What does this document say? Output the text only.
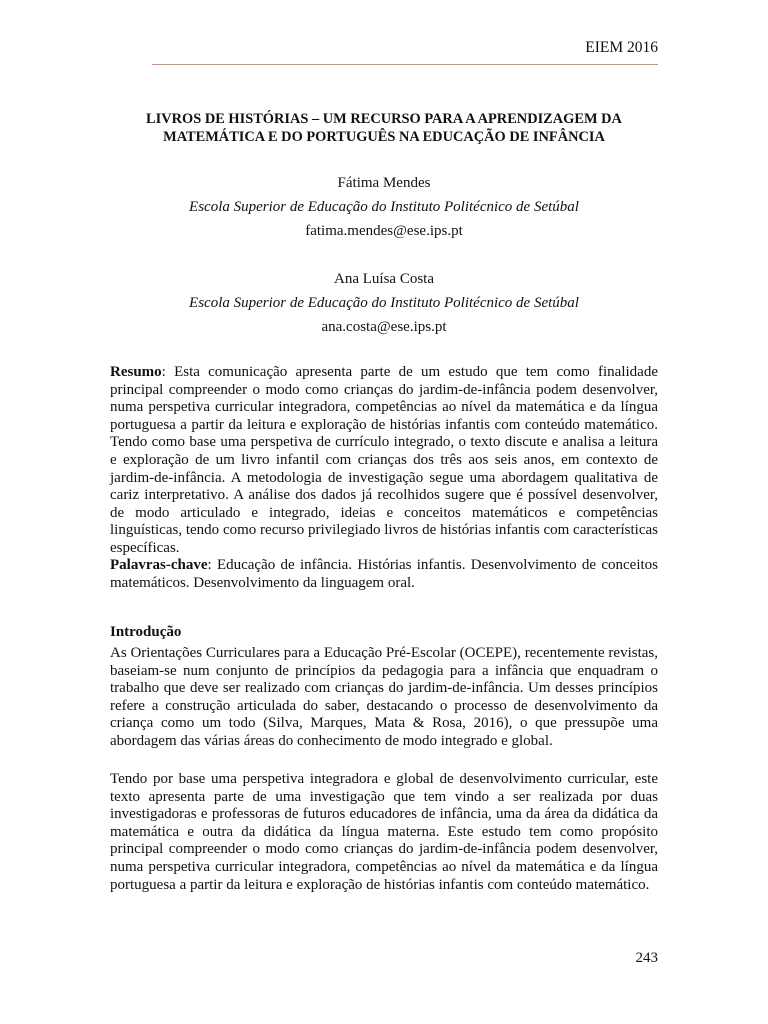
EIEM 2016
LIVROS DE HISTÓRIAS – UM RECURSO PARA A APRENDIZAGEM DA
MATEMÁTICA E DO PORTUGUÊS NA EDUCAÇÃO DE INFÂNCIA
Fátima Mendes
Escola Superior de Educação do Instituto Politécnico de Setúbal
fatima.mendes@ese.ips.pt
Ana Luísa Costa
Escola Superior de Educação do Instituto Politécnico de Setúbal
ana.costa@ese.ips.pt
Resumo: Esta comunicação apresenta parte de um estudo que tem como finalidade principal compreender o modo como crianças do jardim-de-infância podem desenvolver, numa perspetiva curricular integradora, competências ao nível da matemática e da língua portuguesa a partir da leitura e exploração de histórias infantis com conteúdo matemático. Tendo como base uma perspetiva de currículo integrado, o texto discute e analisa a leitura e exploração de um livro infantil com crianças dos três aos seis anos, em contexto de jardim-de-infância. A metodologia de investigação segue uma abordagem qualitativa de cariz interpretativo. A análise dos dados já recolhidos sugere que é possível desenvolver, de modo articulado e integrado, ideias e conceitos matemáticos e competências linguísticas, tendo como recurso privilegiado livros de histórias infantis com características específicas.
Palavras-chave: Educação de infância. Histórias infantis. Desenvolvimento de conceitos matemáticos. Desenvolvimento da linguagem oral.
Introdução
As Orientações Curriculares para a Educação Pré-Escolar (OCEPE), recentemente revistas, baseiam-se num conjunto de princípios da pedagogia para a infância que enquadram o trabalho que deve ser realizado com crianças do jardim-de-infância. Um desses princípios refere a construção articulada do saber, destacando o processo de desenvolvimento da criança como um todo (Silva, Marques, Mata & Rosa, 2016), o que pressupõe uma abordagem das várias áreas do conhecimento de modo integrado e global.
Tendo por base uma perspetiva integradora e global de desenvolvimento curricular, este texto apresenta parte de uma investigação que tem vindo a ser realizada por duas investigadoras e professoras de futuros educadores de infância, uma da área da didática da matemática e outra da didática da língua materna. Este estudo tem como propósito principal compreender o modo como crianças do jardim-de-infância podem desenvolver, numa perspetiva curricular integradora, competências ao nível da matemática e da língua portuguesa a partir da leitura e exploração de histórias infantis com conteúdo matemático.
243
